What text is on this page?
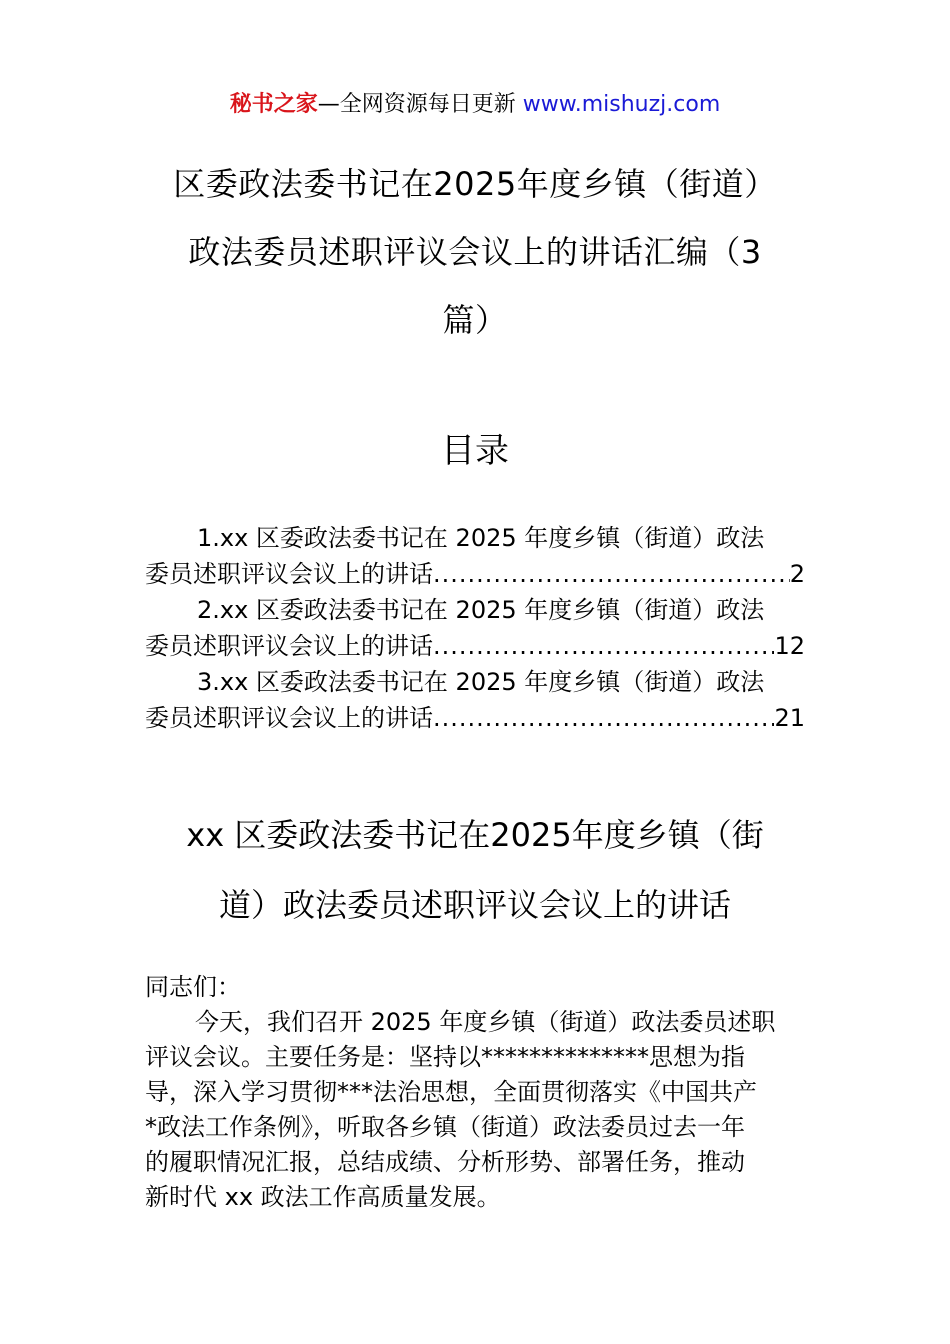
秘书之家—全网资源每日更新 www.mishuzj.com
区委政法委书记在2025年度乡镇（街道）
政法委员述职评议会议上的讲话汇编（3
篇）
目录
1.xx 区委政法委书记在 2025 年度乡镇（街道）政法
委员述职评议会议上的讲话 .....	2
2.xx 区委政法委书记在 2025 年度乡镇（街道）政法
委员述职评议会议上的讲话 .....	12
3.xx 区委政法委书记在 2025 年度乡镇（街道）政法
委员述职评议会议上的讲话 .....	21
xx 区委政法委书记在2025年度乡镇（街
道）政法委员述职评议会议上的讲话
同志们：
今天，我们召开 2025 年度乡镇（街道）政法委员述职
评议会议。主要任务是：坚持以**************思想为指
导，深入学习贯彻***法治思想，全面贯彻落实《中国共产
*政法工作条例》，听取各乡镇（街道）政法委员过去一年
的履职情况汇报，总结成绩、分析形势、部署任务，推动
新时代 xx 政法工作高质量发展。
